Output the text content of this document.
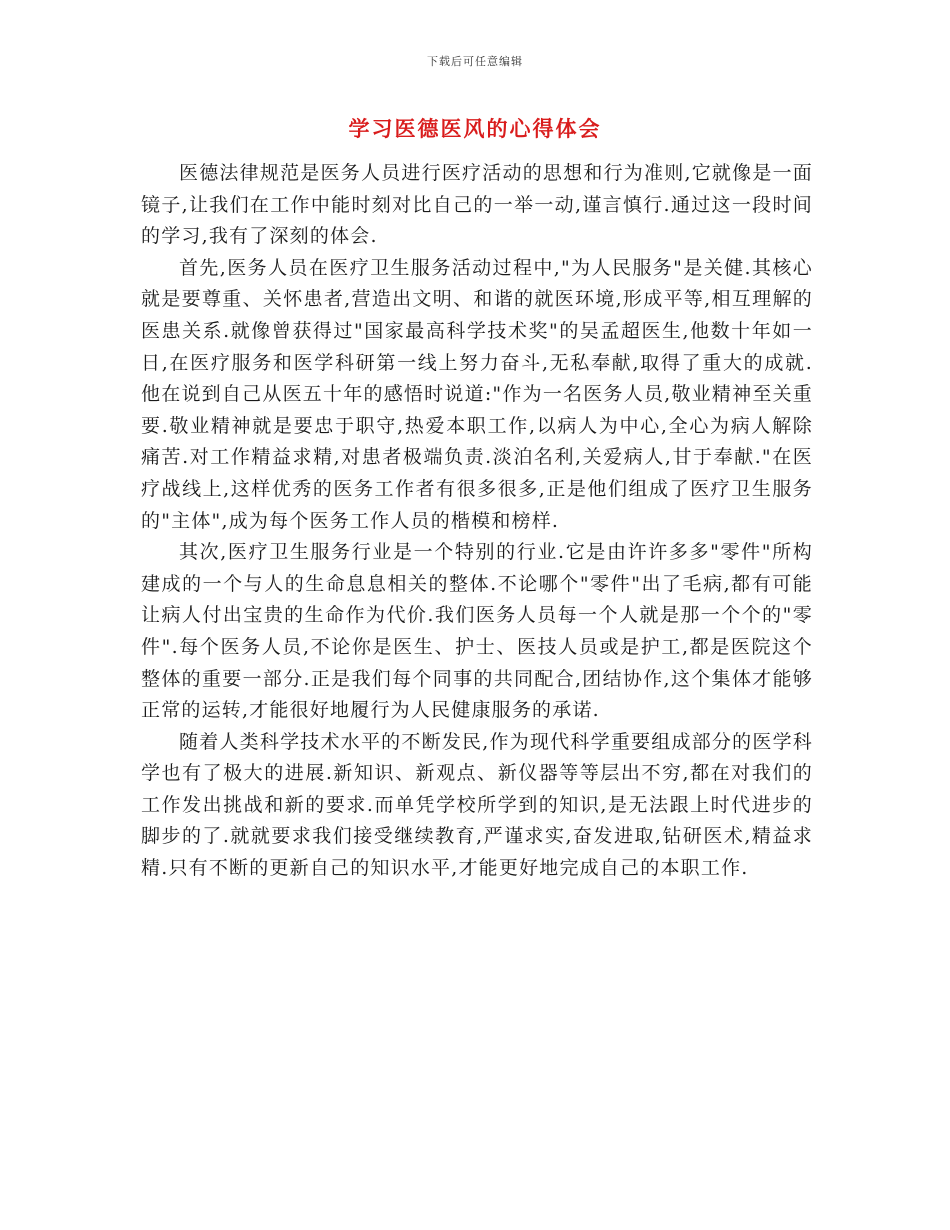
下载后可任意编辑
学习医德医风的心得体会

医德法律规范是医务人员进行医疗活动的思想和行为准则,它就像是一面镜子,让我们在工作中能时刻对比自己的一举一动,谨言慎行.通过这一段时间的学习,我有了深刻的体会.

首先,医务人员在医疗卫生服务活动过程中,"为人民服务"是关健.其核心就是要尊重、关怀患者,营造出文明、和谐的就医环境,形成平等,相互理解的医患关系.就像曾获得过"国家最高科学技术奖"的吴孟超医生,他数十年如一日,在医疗服务和医学科研第一线上努力奋斗,无私奉献,取得了重大的成就.他在说到自己从医五十年的感悟时说道:"作为一名医务人员,敬业精神至关重要.敬业精神就是要忠于职守,热爱本职工作,以病人为中心,全心为病人解除痛苦.对工作精益求精,对患者极端负责.淡泊名利,关爱病人,甘于奉献."在医疗战线上,这样优秀的医务工作者有很多很多,正是他们组成了医疗卫生服务的"主体",成为每个医务工作人员的楷模和榜样.

其次,医疗卫生服务行业是一个特别的行业.它是由许许多多"零件"所构建成的一个与人的生命息息相关的整体.不论哪个"零件"出了毛病,都有可能让病人付出宝贵的生命作为代价.我们医务人员每一个人就是那一个个的"零件".每个医务人员,不论你是医生、护士、医技人员或是护工,都是医院这个整体的重要一部分.正是我们每个同事的共同配合,团结协作,这个集体才能够正常的运转,才能很好地履行为人民健康服务的承诺.

随着人类科学技术水平的不断发民,作为现代科学重要组成部分的医学科学也有了极大的进展.新知识、新观点、新仪器等等层出不穷,都在对我们的工作发出挑战和新的要求.而单凭学校所学到的知识,是无法跟上时代进步的脚步的了.就就要求我们接受继续教育,严谨求实,奋发进取,钻研医术,精益求精.只有不断的更新自己的知识水平,才能更好地完成自己的本职工作.
